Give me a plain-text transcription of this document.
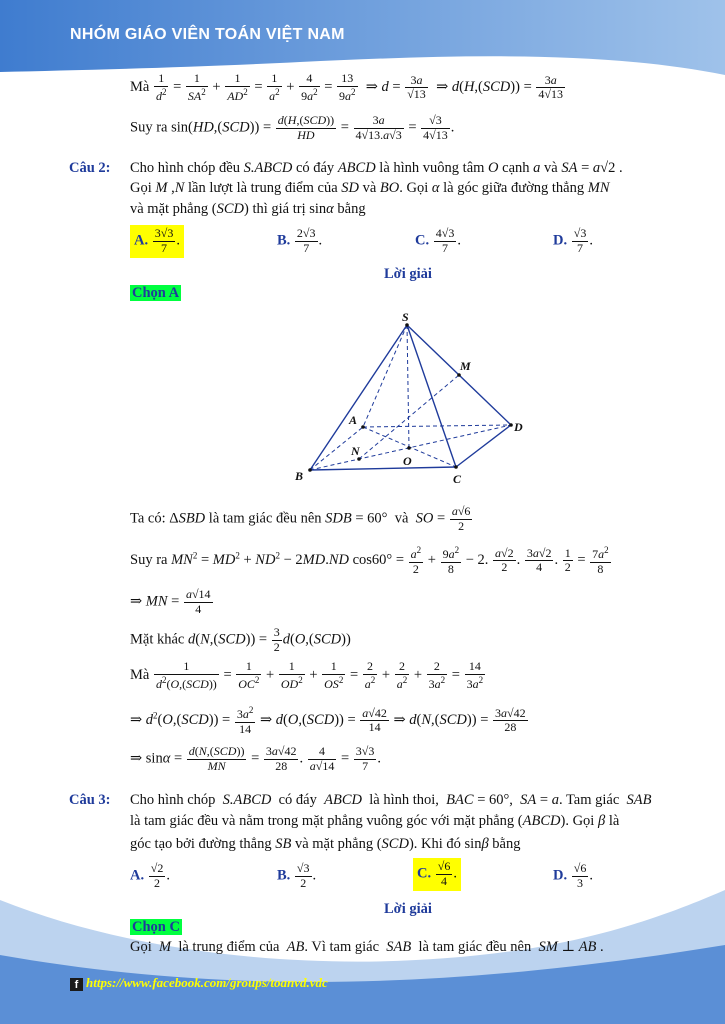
NHÓM GIÁO VIÊN TOÁN VIỆT NAM
Mà $\frac{1}{d^2} = \frac{1}{SA^2} + \frac{1}{AD^2} = \frac{1}{a^2} + \frac{4}{9a^2} = \frac{13}{9a^2}$ ⇒ $d = \frac{3a}{√13}$ ⇒ $d(H,(SCD)) = \frac{3a}{4√13}$
Suy ra $\sin(HD,(SCD)) = \frac{\text{d(H,(SCD))}}{HD} = \frac{3a}{4√13.a√3} = \frac{√3}{4√13}$ .
Câu 2: Cho hình chóp đều S.ABCD có đáy ABCD là hình vuông tâm O cạnh a và SA = a√2 .
Gọi M ,N lần lượt là trung điểm của SD và BO. Gọi α là góc giữa đường thẳng MN
và mặt phẳng (SCD) thì giá trị sinα bằng
A. $\frac{3√3}{7}$ .	B. $\frac{2√3}{7}$ .	C. $\frac{4√3}{7}$ .	D. $\frac{√3}{7}$ .
Lời giải
Chọn A
S
M
A	D
N
O
B	C
Ta có: ΔSBD là tam giác đều nên SDB = 60°  và  SO = $\frac{a√6}{2}$
Suy ra $MN^2 = MD^2 + ND^2 - 2MD.ND$ $\cos 60^\circ = \frac{a^2}{2} + \frac{9a^2}{8} - 2$. $\frac{a√2}{2}$ . $\frac{3a√2}{4}$ . $\frac{1}{2} = \frac{7a^2}{8}$
⇒ MN = $\frac{a√14}{4}$
Mặt khác $d(N,(SCD)) = \frac{3}{2} d(O,(SCD))$
Mà $\frac{1}{d^2(O,(SCD))} = \frac{1}{OC^2} + \frac{1}{OD^2} + \frac{1}{OS^2} = \frac{2}{a^2} + \frac{2}{a^2} + \frac{2}{3a^2} = \frac{14}{3a^2}$
⇒ $d^2(O,(SCD)) = \frac{3a^2}{14}$ ⇒ $d(O,(SCD)) = \frac{a√42}{14}$ ⇒ $d(N,(SCD)) = \frac{3a√42}{28}$
⇒ $\sin\alpha = \frac{\text{d(N,(SCD))}}{MN} = \frac{3a√42}{28}$ . $\frac{4}{a√14} = \frac{3√3}{7}$ .
Câu 3: Cho hình chóp  S.ABCD  có đáy  ABCD  là hình thoi,  BAC = 60°,  SA = a. Tam giác  SAB
là tam giác đều và nằm trong mặt phẳng vuông góc với mặt phẳng (ABCD). Gọi β là
góc tạo bởi đường thẳng SB và mặt phẳng (SCD). Khi đó sinβ bằng
A. $\frac{√2}{2}$ .	B. $\frac{√3}{2}$ .	C. $\frac{√6}{4}$ .	D. $\frac{√6}{3}$ .
Lời giải
Chọn C
Gọi  M  là trung điểm của  AB. Vì tam giác  SAB  là tam giác đều nên  SM ⊥ AB .
f https://www.facebook.com/groups/toanvd.vdc
